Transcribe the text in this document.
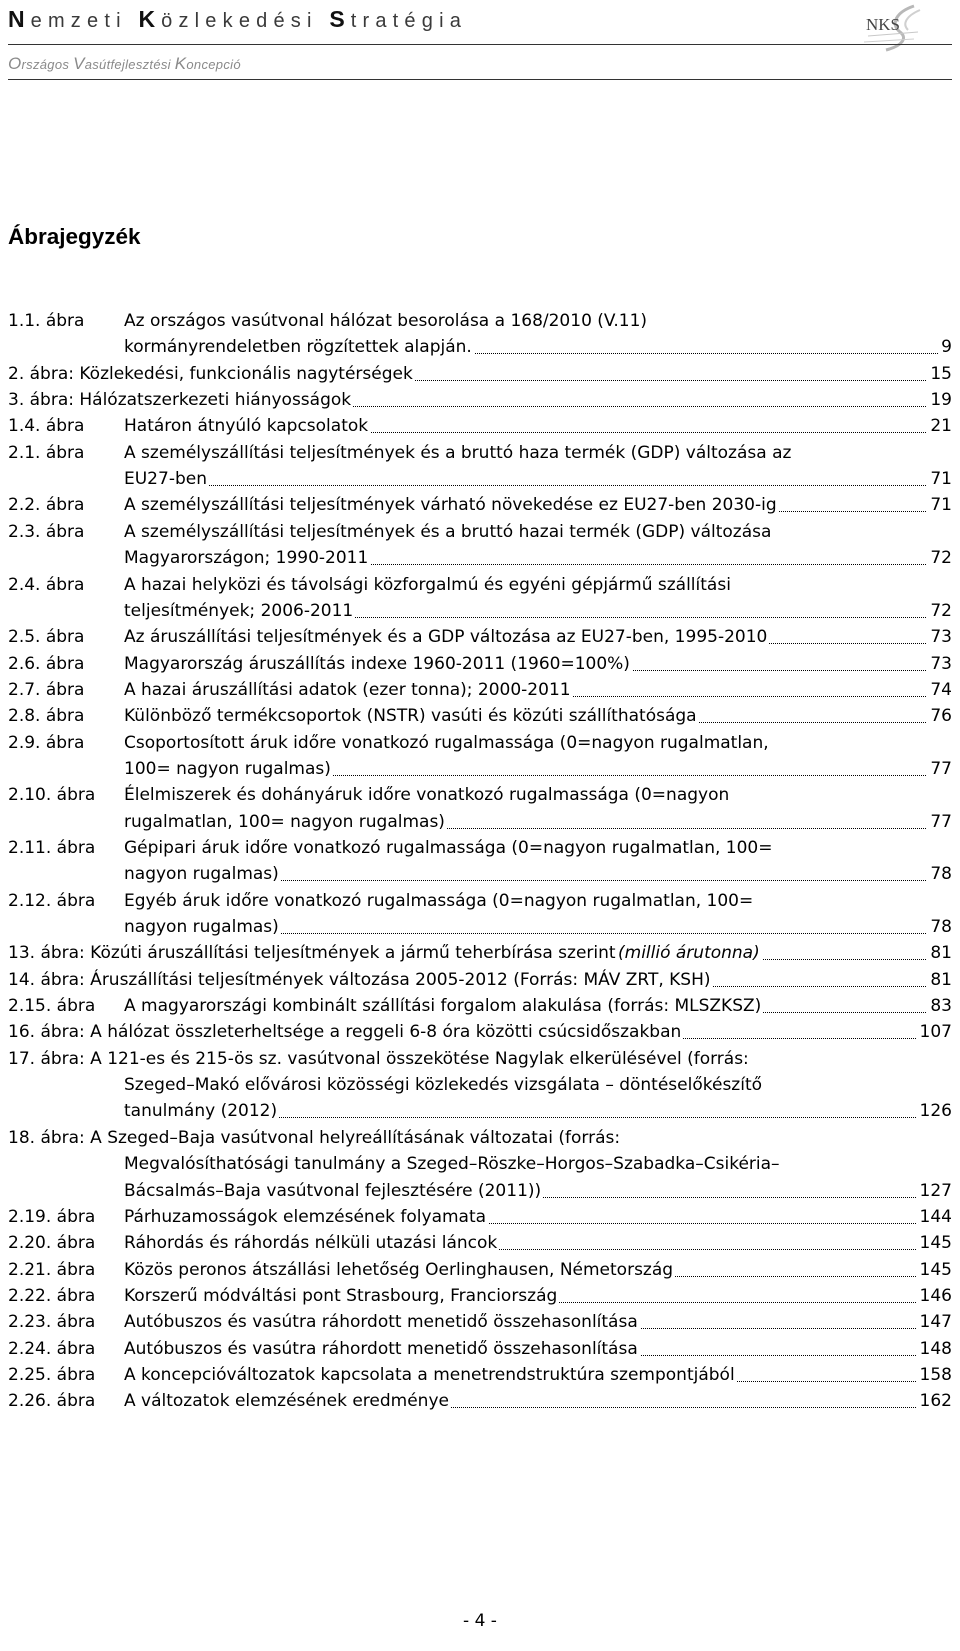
Nemzeti Közlekedési Stratégia	NKS
Országos Vasútfejlesztési Koncepció
Ábrajegyzék
1.1. ábra Az országos vasútvonal hálózat besorolása a 168/2010 (V.11)
kormányrendeletben rögzítettek alapján.	9
2. ábra: Közlekedési, funkcionális nagytérségek	15
3. ábra: Hálózatszerkezeti hiányosságok	19
1.4. ábra Határon átnyúló kapcsolatok	21
2.1. ábra A személyszállítási teljesítmények és a bruttó haza termék (GDP) változása az
EU27-ben	71
2.2. ábra A személyszállítási teljesítmények várható növekedése ez EU27-ben 2030-ig	71
2.3. ábra A személyszállítási teljesítmények és a bruttó hazai termék (GDP) változása
Magyarországon; 1990-2011	72
2.4. ábra A hazai helyközi és távolsági közforgalmú és egyéni gépjármű szállítási
teljesítmények; 2006-2011	72
2.5. ábra Az áruszállítási teljesítmények és a GDP változása az EU27-ben, 1995-2010	73
2.6. ábra Magyarország áruszállítás indexe 1960-2011 (1960=100%)	73
2.7. ábra A hazai áruszállítási adatok (ezer tonna); 2000-2011	74
2.8. ábra Különböző termékcsoportok (NSTR) vasúti és közúti szállíthatósága	76
2.9. ábra Csoportosított áruk időre vonatkozó rugalmassága (0=nagyon rugalmatlan,
100= nagyon rugalmas)	77
2.10. ábra Élelmiszerek és dohányáruk időre vonatkozó rugalmassága (0=nagyon
rugalmatlan, 100= nagyon rugalmas)	77
2.11. ábra Gépipari áruk időre vonatkozó rugalmassága (0=nagyon rugalmatlan, 100=
nagyon rugalmas)	78
2.12. ábra Egyéb áruk időre vonatkozó rugalmassága (0=nagyon rugalmatlan, 100=
nagyon rugalmas)	78
13. ábra: Közúti áruszállítási teljesítmények a jármű teherbírása szerint (millió árutonna)	81
14. ábra: Áruszállítási teljesítmények változása 2005-2012 (Forrás: MÁV ZRT, KSH)	81
2.15. ábra A magyarországi kombinált szállítási forgalom alakulása (forrás: MLSZKSZ)	83
16. ábra: A hálózat összleterheltsége a reggeli 6-8 óra közötti csúcsidőszakban	107
17. ábra: A 121-es és 215-ös sz. vasútvonal összekötése Nagylak elkerülésével (forrás:
Szeged–Makó elővárosi közösségi közlekedés vizsgálata – döntéselőkészítő
tanulmány (2012)	126
18. ábra: A Szeged–Baja vasútvonal helyreállításának változatai (forrás:
Megvalósíthatósági tanulmány a Szeged–Röszke–Horgos–Szabadka–Csikéria–
Bácsalmás–Baja vasútvonal fejlesztésére (2011))	127
2.19. ábra Párhuzamosságok elemzésének folyamata	144
2.20. ábra Ráhordás és ráhordás nélküli utazási láncok	145
2.21. ábra Közös peronos átszállási lehetőség Oerlinghausen, Németország	145
2.22. ábra Korszerű módváltási pont Strasbourg, Franciország	146
2.23. ábra Autóbuszos és vasútra ráhordott menetidő összehasonlítása	147
2.24. ábra Autóbuszos és vasútra ráhordott menetidő összehasonlítása	148
2.25. ábra A koncepcióváltozatok kapcsolata a menetrendstruktúra szempontjából	158
2.26. ábra A változatok elemzésének eredménye	162
- 4 -
